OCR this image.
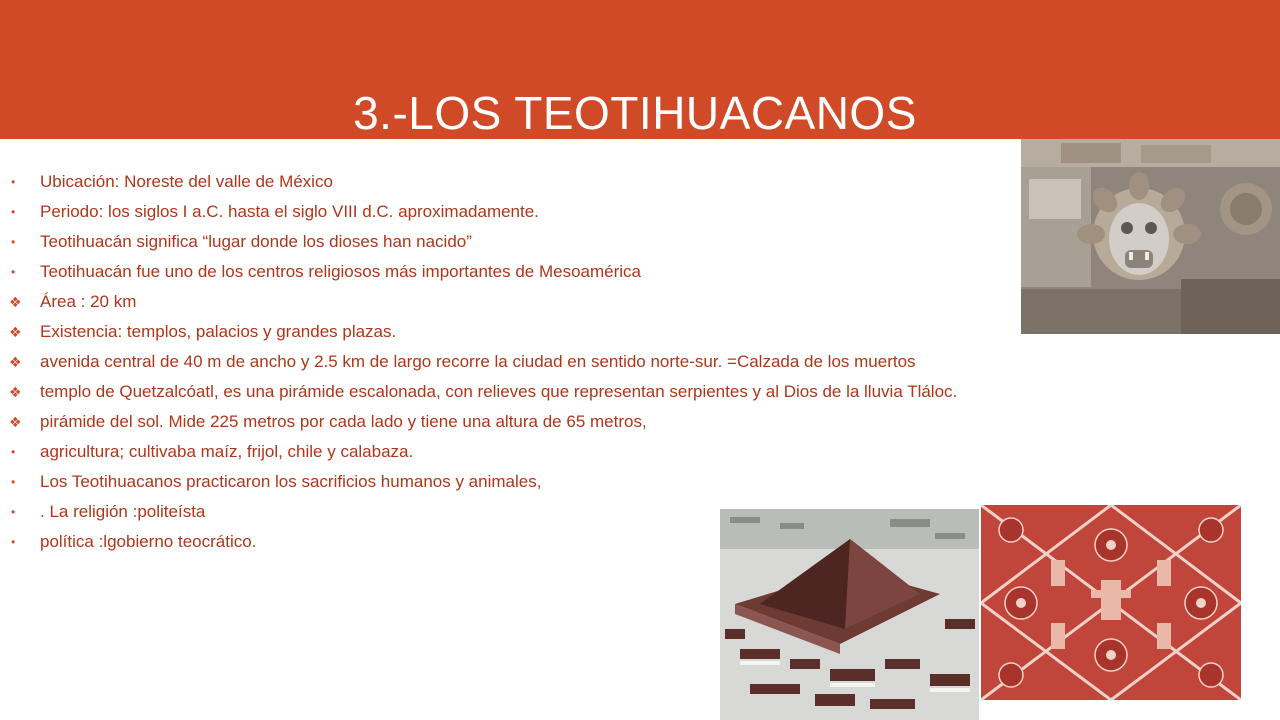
3.-LOS TEOTIHUACANOS
•	Ubicación: Noreste del valle de México
•	Periodo: los siglos I a.C. hasta el siglo VIII d.C. aproximadamente.
•	Teotihuacán significa “lugar donde los dioses han nacido”
•	Teotihuacán fue uno de los centros religiosos más importantes de Mesoamérica
❖	Área : 20 km
❖	Existencia: templos, palacios y grandes plazas.
❖	avenida central de 40 m de ancho y 2.5 km de largo recorre la ciudad en sentido norte-sur. =Calzada de los muertos
❖	templo de Quetzalcóatl, es una pirámide escalonada, con relieves que representan serpientes y al Dios de la lluvia Tláloc.
❖	pirámide del sol. Mide 225 metros por cada lado y tiene una altura de 65 metros,
•	agricultura; cultivaba maíz, frijol, chile y calabaza.
•	Los Teotihuacanos practicaron los sacrificios humanos y animales,
•	. La religión :politeísta
•	política :lgobierno teocrático.
